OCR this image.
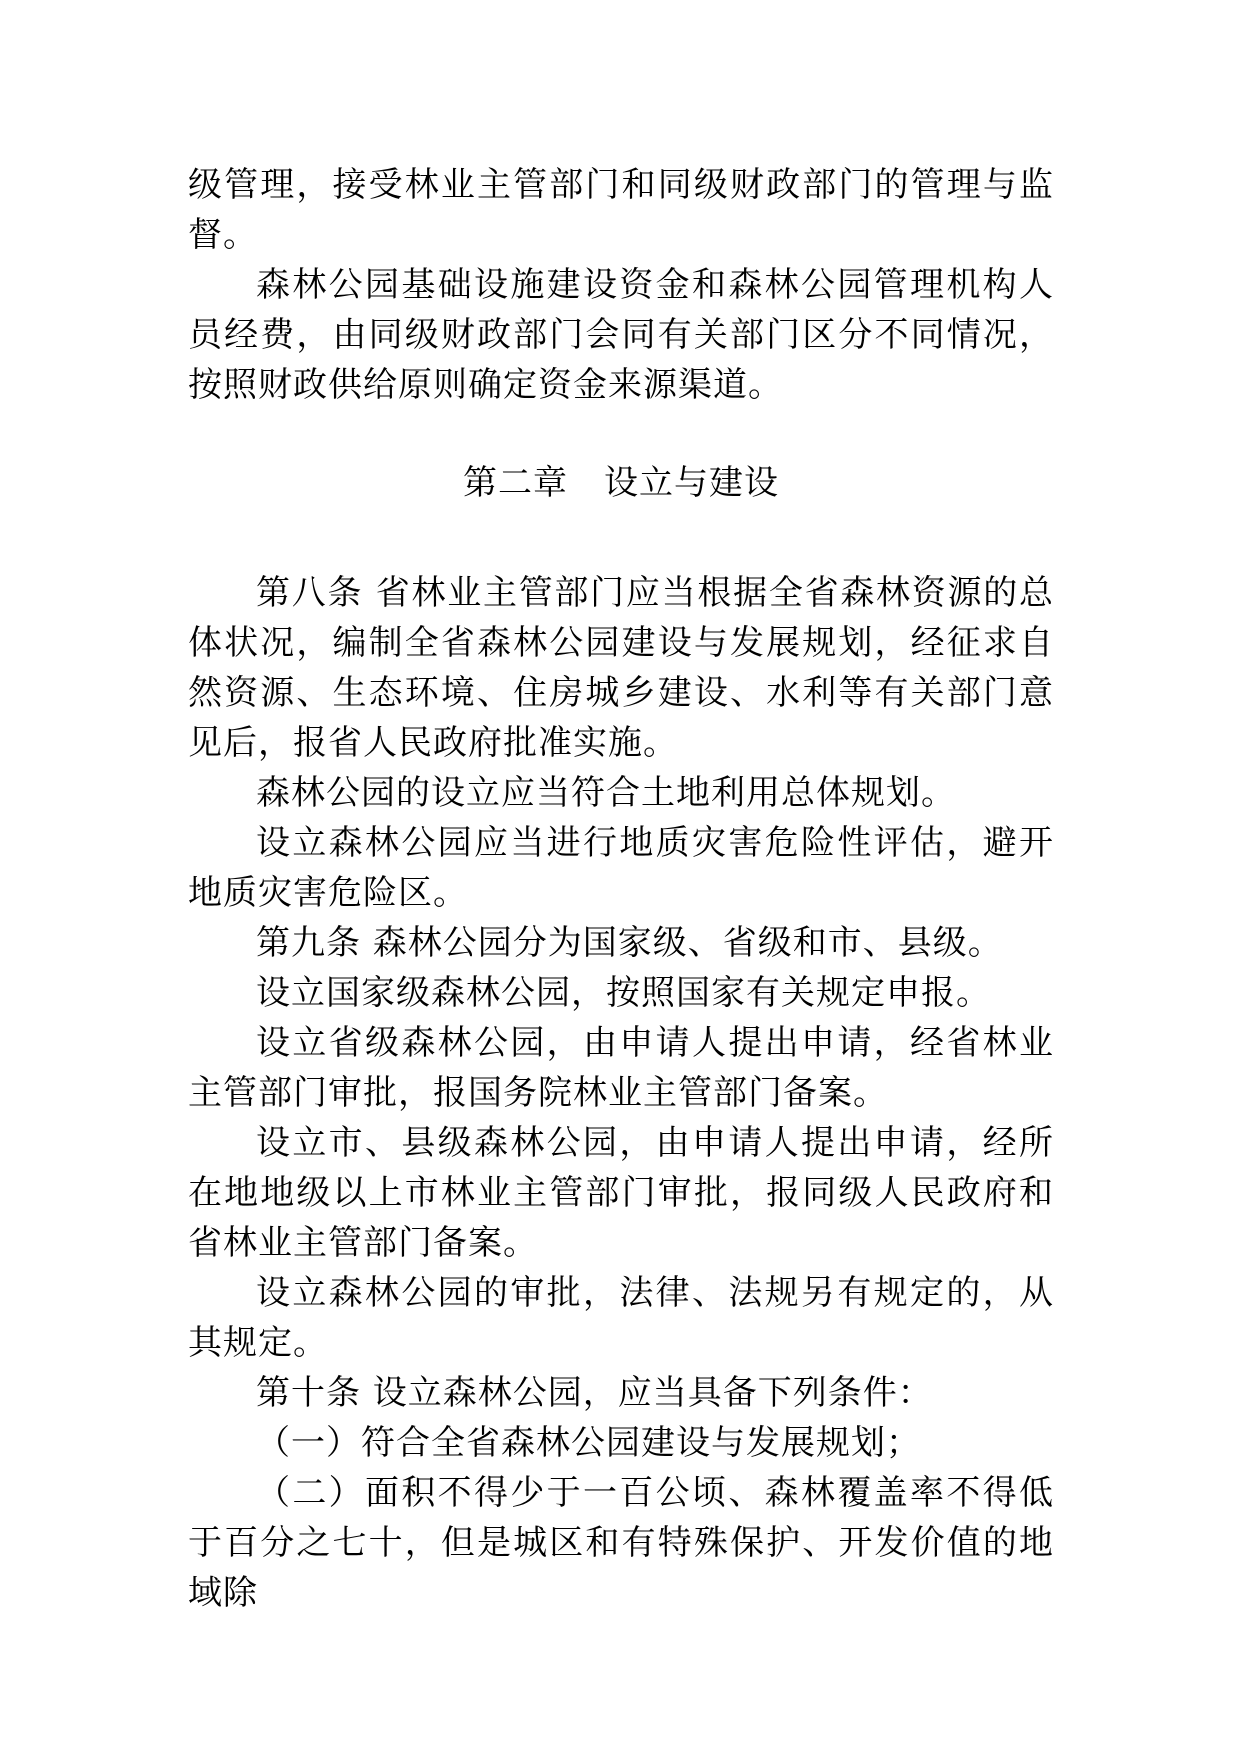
级管理，接受林业主管部门和同级财政部门的管理与监督。

森林公园基础设施建设资金和森林公园管理机构人员经费，由同级财政部门会同有关部门区分不同情况，按照财政供给原则确定资金来源渠道。

第二章 设立与建设

第八条 省林业主管部门应当根据全省森林资源的总体状况，编制全省森林公园建设与发展规划，经征求自然资源、生态环境、住房城乡建设、水利等有关部门意见后，报省人民政府批准实施。

森林公园的设立应当符合土地利用总体规划。

设立森林公园应当进行地质灾害危险性评估，避开地质灾害危险区。

第九条 森林公园分为国家级、省级和市、县级。

设立国家级森林公园，按照国家有关规定申报。

设立省级森林公园，由申请人提出申请，经省林业主管部门审批，报国务院林业主管部门备案。

设立市、县级森林公园，由申请人提出申请，经所在地地级以上市林业主管部门审批，报同级人民政府和省林业主管部门备案。

设立森林公园的审批，法律、法规另有规定的，从其规定。

第十条 设立森林公园，应当具备下列条件：

（一）符合全省森林公园建设与发展规划；

（二）面积不得少于一百公顷、森林覆盖率不得低于百分之七十，但是城区和有特殊保护、开发价值的地域除
